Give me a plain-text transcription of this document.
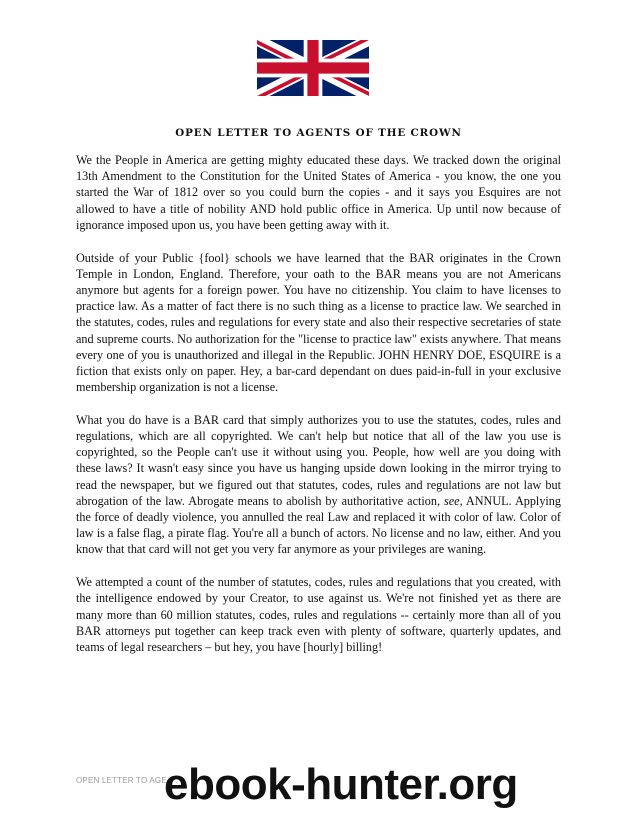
OPEN LETTER TO AGENTS OF THE CROWN

We the People in America are getting mighty educated these days. We tracked down the original 13th Amendment to the Constitution for the United States of America - you know, the one you started the War of 1812 over so you could burn the copies - and it says you Esquires are not allowed to have a title of nobility AND hold public office in America. Up until now because of ignorance imposed upon us, you have been getting away with it.

Outside of your Public {fool} schools we have learned that the BAR originates in the Crown Temple in London, England. Therefore, your oath to the BAR means you are not Americans anymore but agents for a foreign power. You have no citizenship. You claim to have licenses to practice law. As a matter of fact there is no such thing as a license to practice law. We searched in the statutes, codes, rules and regulations for every state and also their respective secretaries of state and supreme courts. No authorization for the "license to practice law" exists anywhere. That means every one of you is unauthorized and illegal in the Republic. JOHN HENRY DOE, ESQUIRE is a fiction that exists only on paper. Hey, a bar-card dependant on dues paid-in-full in your exclusive membership organization is not a license.

What you do have is a BAR card that simply authorizes you to use the statutes, codes, rules and regulations, which are all copyrighted. We can't help but notice that all of the law you use is copyrighted, so the People can't use it without using you. People, how well are you doing with these laws? It wasn't easy since you have us hanging upside down looking in the mirror trying to read the newspaper, but we figured out that statutes, codes, rules and regulations are not law but abrogation of the law. Abrogate means to abolish by authoritative action, see, ANNUL. Applying the force of deadly violence, you annulled the real Law and replaced it with color of law. Color of law is a false flag, a pirate flag. You're all a bunch of actors. No license and no law, either. And you know that that card will not get you very far anymore as your privileges are waning.

We attempted a count of the number of statutes, codes, rules and regulations that you created, with the intelligence endowed by your Creator, to use against us. We're not finished yet as there are many more than 60 million statutes, codes, rules and regulations -- certainly more than all of you BAR attorneys put together can keep track even with plenty of software, quarterly updates, and teams of legal researchers – but hey, you have [hourly] billing!

OPEN LETTER TO AGE
ebook-hunter.org
